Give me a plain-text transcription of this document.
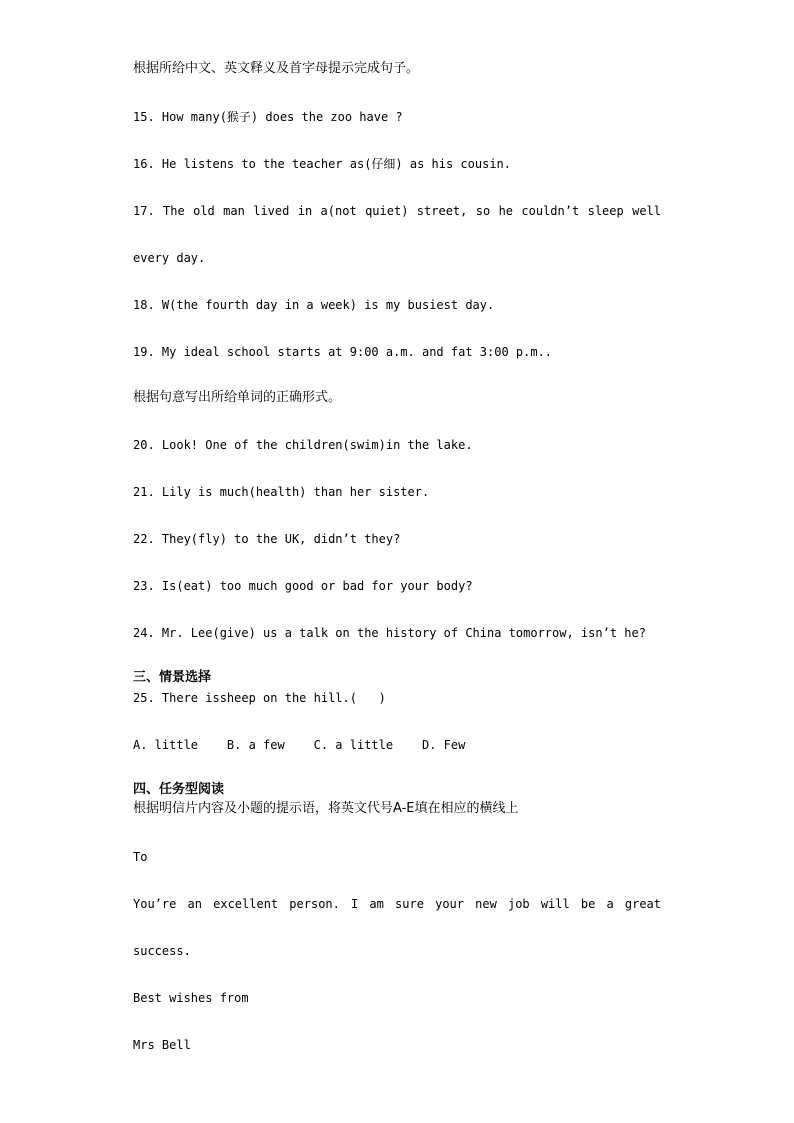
根据所给中文、英文释义及首字母提示完成句子。
15. How many(猴子) does the zoo have ?
16. He listens to the teacher as(仔细) as his cousin.
17. The old man lived in a(not quiet) street, so he couldn’t sleep well
every day.
18. W(the fourth day in a week) is my busiest day.
19. My ideal school starts at 9:00 a.m. and fat 3:00 p.m..
根据句意写出所给单词的正确形式。
20. Look! One of the children(swim)in the lake.
21. Lily is much(health) than her sister.
22. They(fly) to the UK, didn’t they?
23. Is(eat) too much good or bad for your body?
24. Mr. Lee(give) us a talk on the history of China tomorrow, isn’t he?
三、情景选择
25. There issheep on the hill.(   )
A. little    B. a few    C. a little    D. Few
四、任务型阅读
根据明信片内容及小题的提示语，将英文代号A-E填在相应的横线上
To
You’re an excellent person. I am sure your new job will be a great
success.
Best wishes from
Mrs Bell
